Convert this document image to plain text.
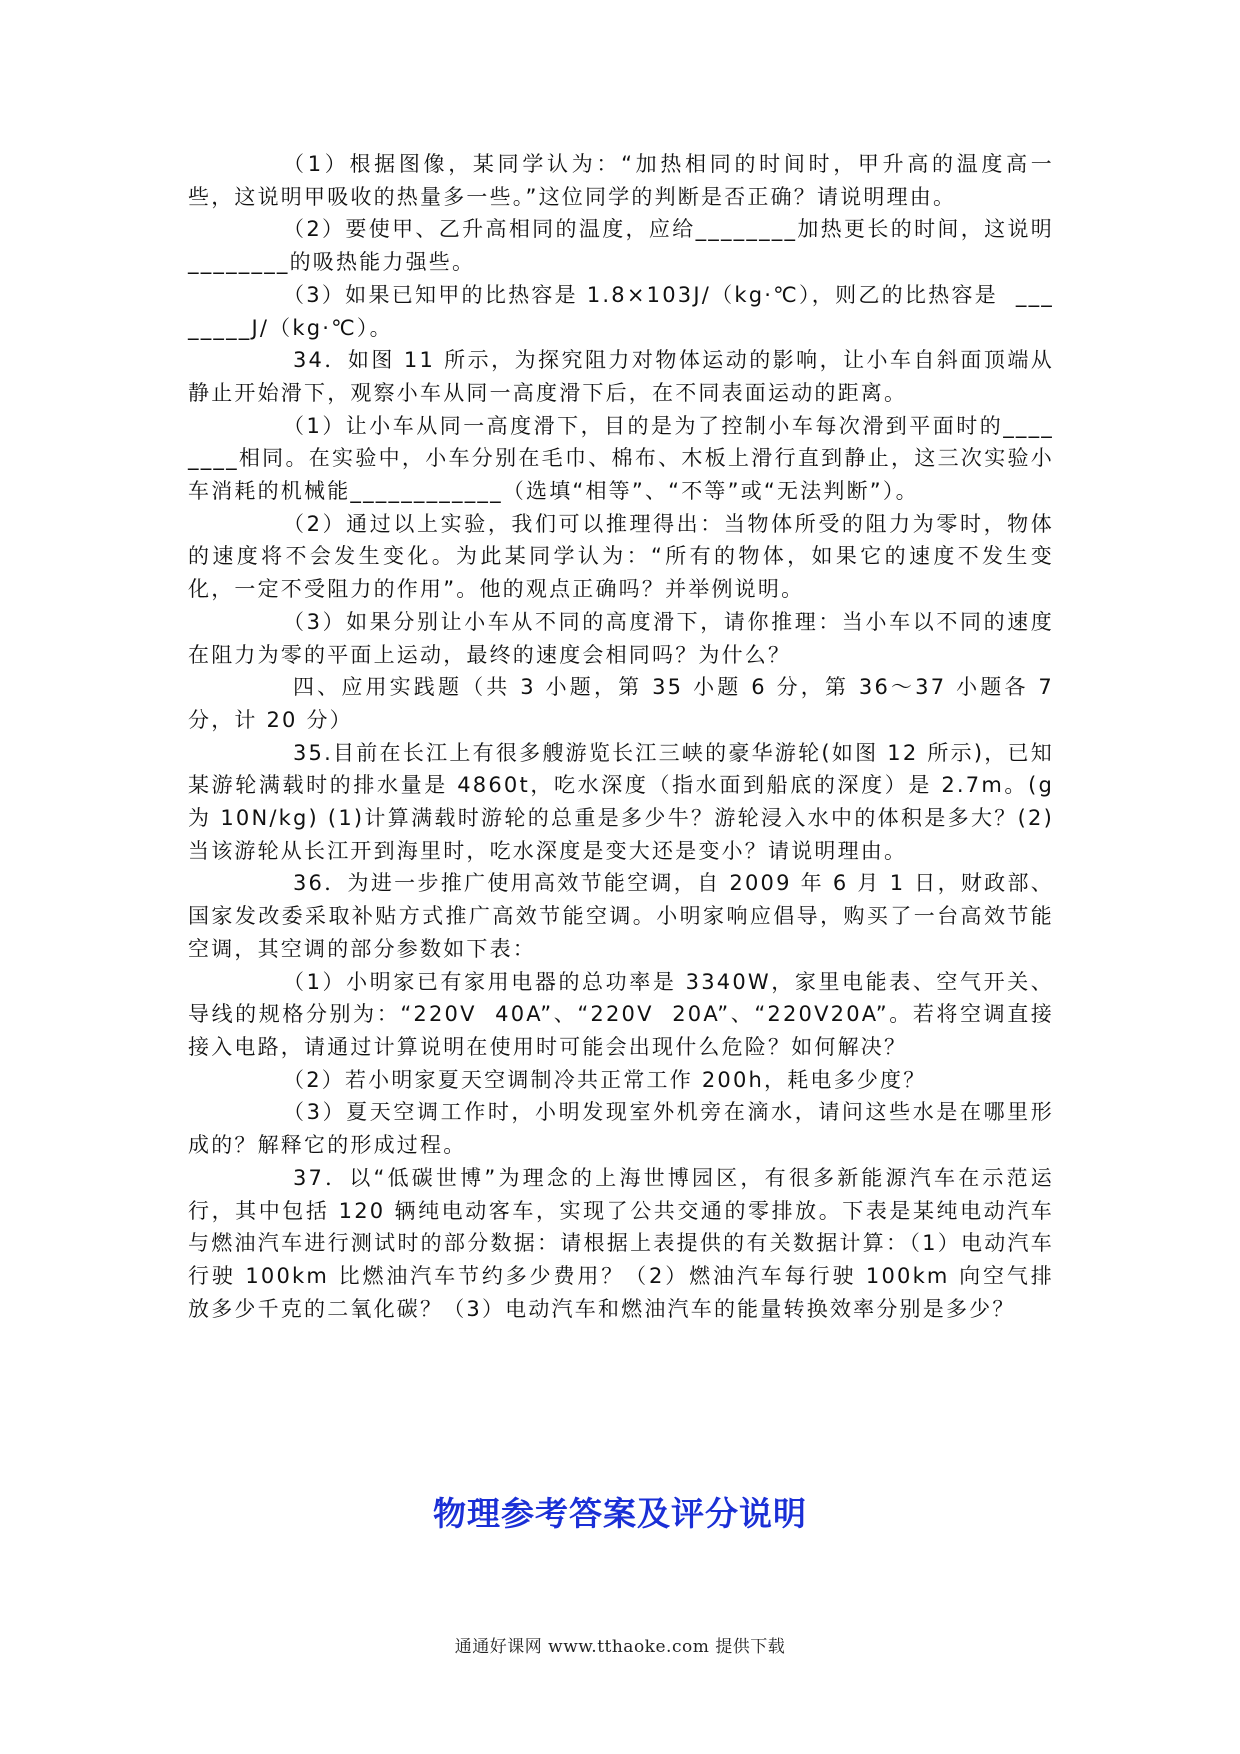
（1）根据图像，某同学认为：“加热相同的时间时，甲升高的温度高一些，这说明甲吸收的热量多一些。”这位同学的判断是否正确？请说明理由。

（2）要使甲、乙升高相同的温度，应给________加热更长的时间，这说明________的吸热能力强些。

（3）如果已知甲的比热容是 1.8×103J/（kg·℃），则乙的比热容是  ________J/（kg·℃）。

34．如图 11 所示，为探究阻力对物体运动的影响，让小车自斜面顶端从静止开始滑下，观察小车从同一高度滑下后，在不同表面运动的距离。

（1）让小车从同一高度滑下，目的是为了控制小车每次滑到平面时的________相同。在实验中，小车分别在毛巾、棉布、木板上滑行直到静止，这三次实验小车消耗的机械能____________（选填“相等”、“不等”或“无法判断”）。

（2）通过以上实验，我们可以推理得出：当物体所受的阻力为零时，物体的速度将不会发生变化。为此某同学认为：“所有的物体，如果它的速度不发生变化，一定不受阻力的作用”。他的观点正确吗？并举例说明。

（3）如果分别让小车从不同的高度滑下，请你推理：当小车以不同的速度在阻力为零的平面上运动，最终的速度会相同吗？为什么？

四、应用实践题（共 3 小题，第 35 小题 6 分，第 36～37 小题各 7 分，计 20 分）

35.目前在长江上有很多艘游览长江三峡的豪华游轮(如图 12 所示)，已知某游轮满载时的排水量是 4860t，吃水深度（指水面到船底的深度）是 2.7m。(g 为 10N/kg) (1)计算满载时游轮的总重是多少牛？游轮浸入水中的体积是多大？(2)当该游轮从长江开到海里时，吃水深度是变大还是变小？请说明理由。

36．为进一步推广使用高效节能空调，自 2009 年 6 月 1 日，财政部、国家发改委采取补贴方式推广高效节能空调。小明家响应倡导，购买了一台高效节能空调，其空调的部分参数如下表：

（1）小明家已有家用电器的总功率是 3340W，家里电能表、空气开关、导线的规格分别为：“220V  40A”、“220V  20A”、“220V20A”。若将空调直接接入电路，请通过计算说明在使用时可能会出现什么危险？如何解决？

（2）若小明家夏天空调制冷共正常工作 200h，耗电多少度？

（3）夏天空调工作时，小明发现室外机旁在滴水，请问这些水是在哪里形成的？解释它的形成过程。

37．以“低碳世博”为理念的上海世博园区，有很多新能源汽车在示范运行，其中包括 120 辆纯电动客车，实现了公共交通的零排放。下表是某纯电动汽车与燃油汽车进行测试时的部分数据：请根据上表提供的有关数据计算：（1）电动汽车行驶 100km 比燃油汽车节约多少费用？（2）燃油汽车每行驶 100km 向空气排放多少千克的二氧化碳？（3）电动汽车和燃油汽车的能量转换效率分别是多少？

物理参考答案及评分说明
通通好课网 www.tthaoke.com 提供下载
